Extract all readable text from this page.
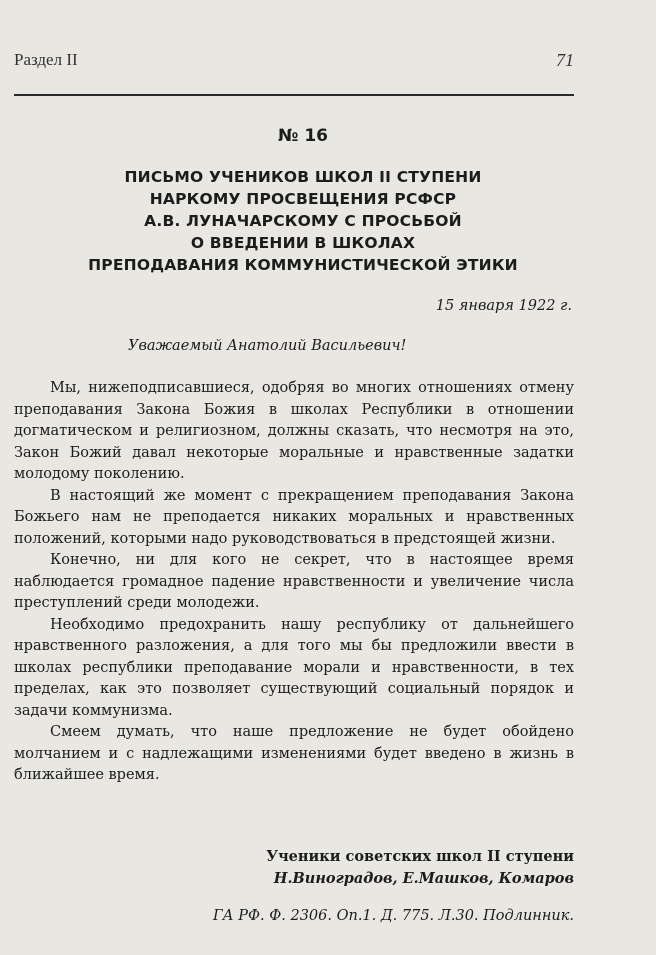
Раздел II	71
№ 16
ПИСЬМО УЧЕНИКОВ ШКОЛ II СТУПЕНИ
НАРКОМУ ПРОСВЕЩЕНИЯ РСФСР
А.В. ЛУНАЧАРСКОМУ С ПРОСЬБОЙ
О ВВЕДЕНИИ В ШКОЛАХ
ПРЕПОДАВАНИЯ КОММУНИСТИЧЕСКОЙ ЭТИКИ
15 января 1922 г.
Уважаемый Анатолий Васильевич!

Мы, нижеподписавшиеся, одобряя во многих отношениях отмену преподавания Закона Божия в школах Республики в отношении догматическом и религиозном, должны сказать, что несмотря на это, Закон Божий давал некоторые моральные и нравственные задатки молодому поколению.

В настоящий же момент с прекращением преподавания Закона Божьего нам не преподается никаких моральных и нравственных положений, которыми надо руководствоваться в предстоящей жизни.

Конечно, ни для кого не секрет, что в настоящее время наблюдается громадное падение нравственности и увеличение числа преступлений среди молодежи.

Необходимо предохранить нашу республику от дальнейшего нравственного разложения, а для того мы бы предложили ввести в школах республики преподавание морали и нравственности, в тех пределах, как это позволяет существующий социальный порядок и задачи коммунизма.

Смеем думать, что наше предложение не будет обойдено молчанием и с надлежащими изменениями будет введено в жизнь в ближайшее время.

Ученики советских школ II ступени
Н.Виноградов, Е.Машков, Комаров
ГА РФ. Ф. 2306. Оп.1. Д. 775. Л.30. Подлинник.
